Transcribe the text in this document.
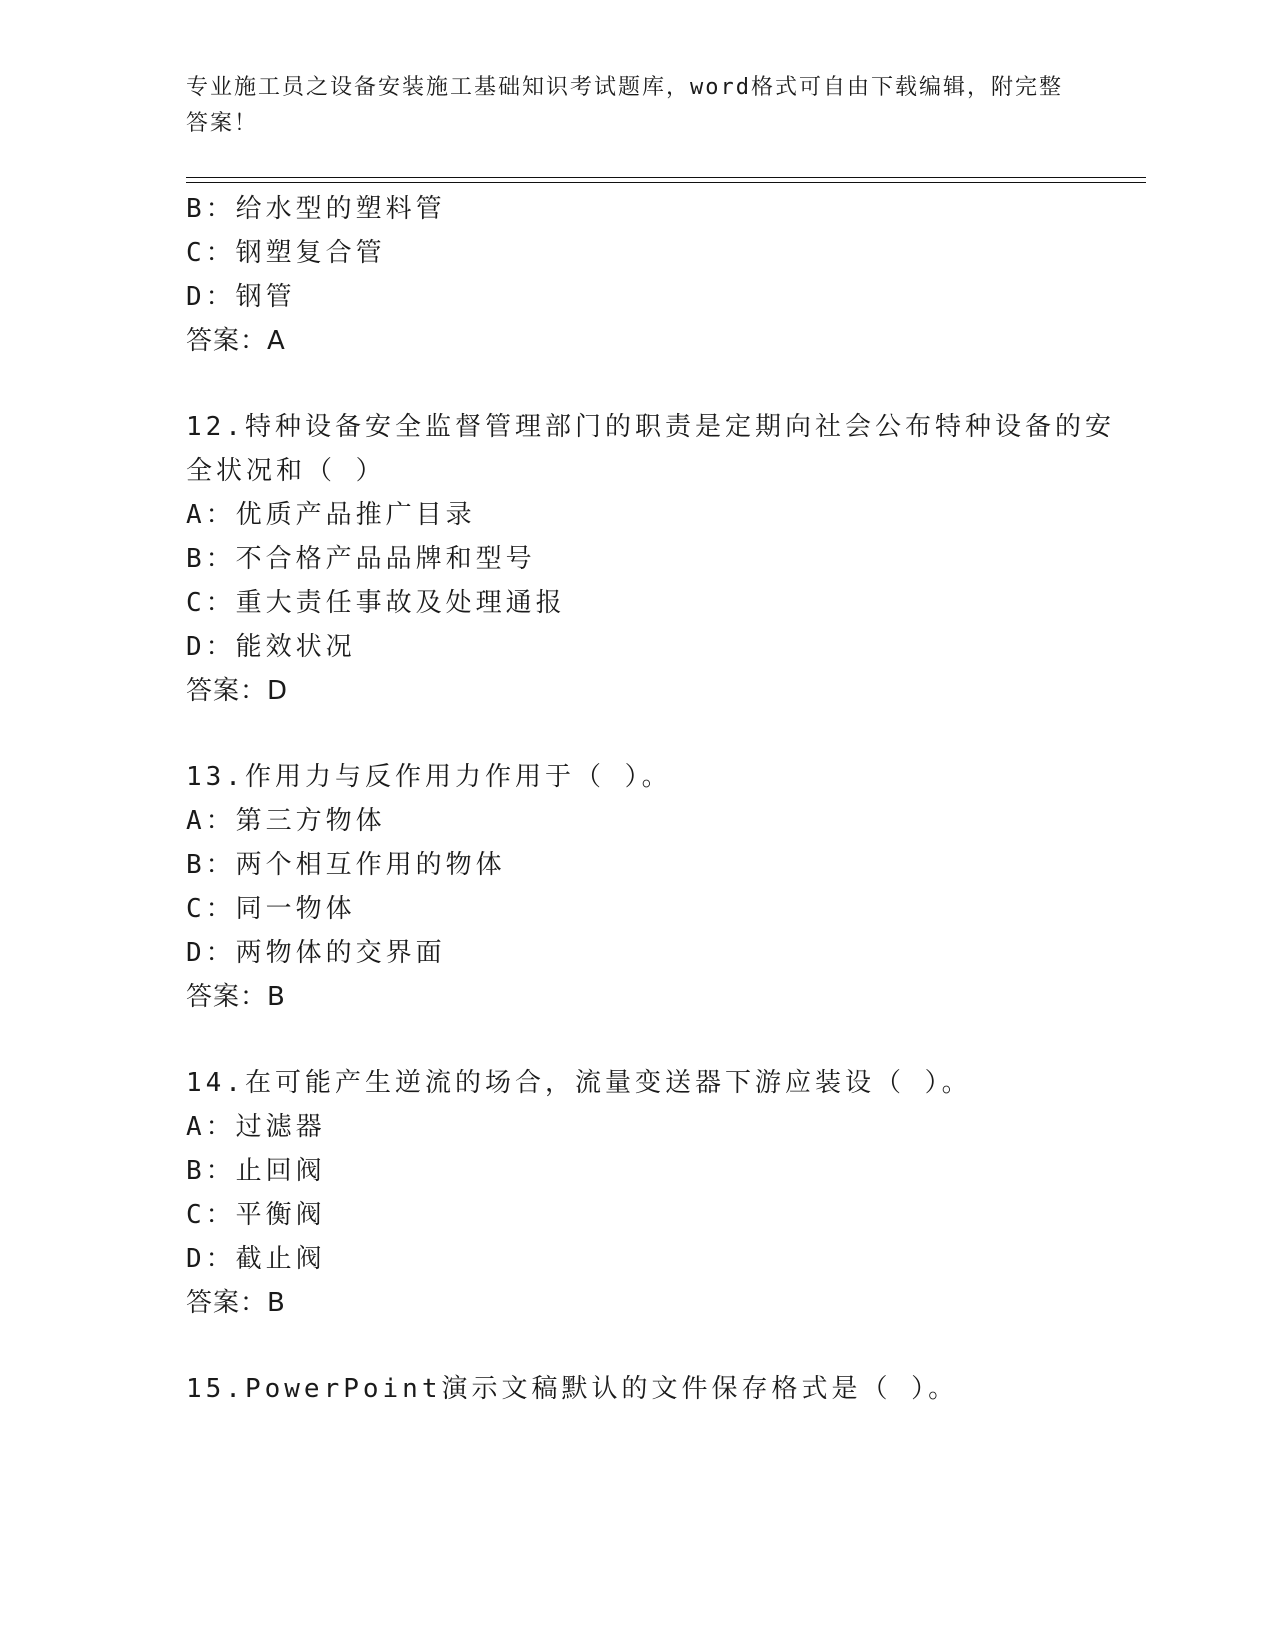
专业施工员之设备安装施工基础知识考试题库，word格式可自由下载编辑，附完整答案！
B：给水型的塑料管
C：钢塑复合管
D：钢管
答案：A
12.特种设备安全监督管理部门的职责是定期向社会公布特种设备的安
全状况和（ ）
A：优质产品推广目录
B：不合格产品品牌和型号
C：重大责任事故及处理通报
D：能效状况
答案：D
13.作用力与反作用力作用于（ ）。
A：第三方物体
B：两个相互作用的物体
C：同一物体
D：两物体的交界面
答案：B
14.在可能产生逆流的场合，流量变送器下游应装设（ ）。
A：过滤器
B：止回阀
C：平衡阀
D：截止阀
答案：B
15.PowerPoint演示文稿默认的文件保存格式是（ ）。
